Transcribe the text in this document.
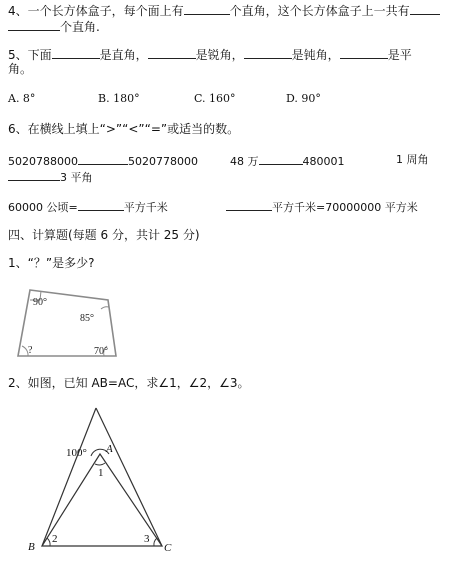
4、一个长方体盒子，每个面上有	个直角，这个长方体盒子上一共有
个直角.
5、下面	是直角，	是锐角，	是钝角，	是平
角。
A. 8°	B. 180°	C. 160°	D. 90°
6、在横线上填上“>”“<”“=”或适当的数。
5020788000	5020778000	48 万	480001	1 周角
3 平角
60000 公顷=	平方千米	平方千米=70000000 平方米
四、计算题(每题 6 分，共计 25 分)
1、“？”是多少?
90°
85°
70°
?
2、如图，已知 AB=AC，求∠1，∠2，∠3。
100° A
1
B
2	3
C
